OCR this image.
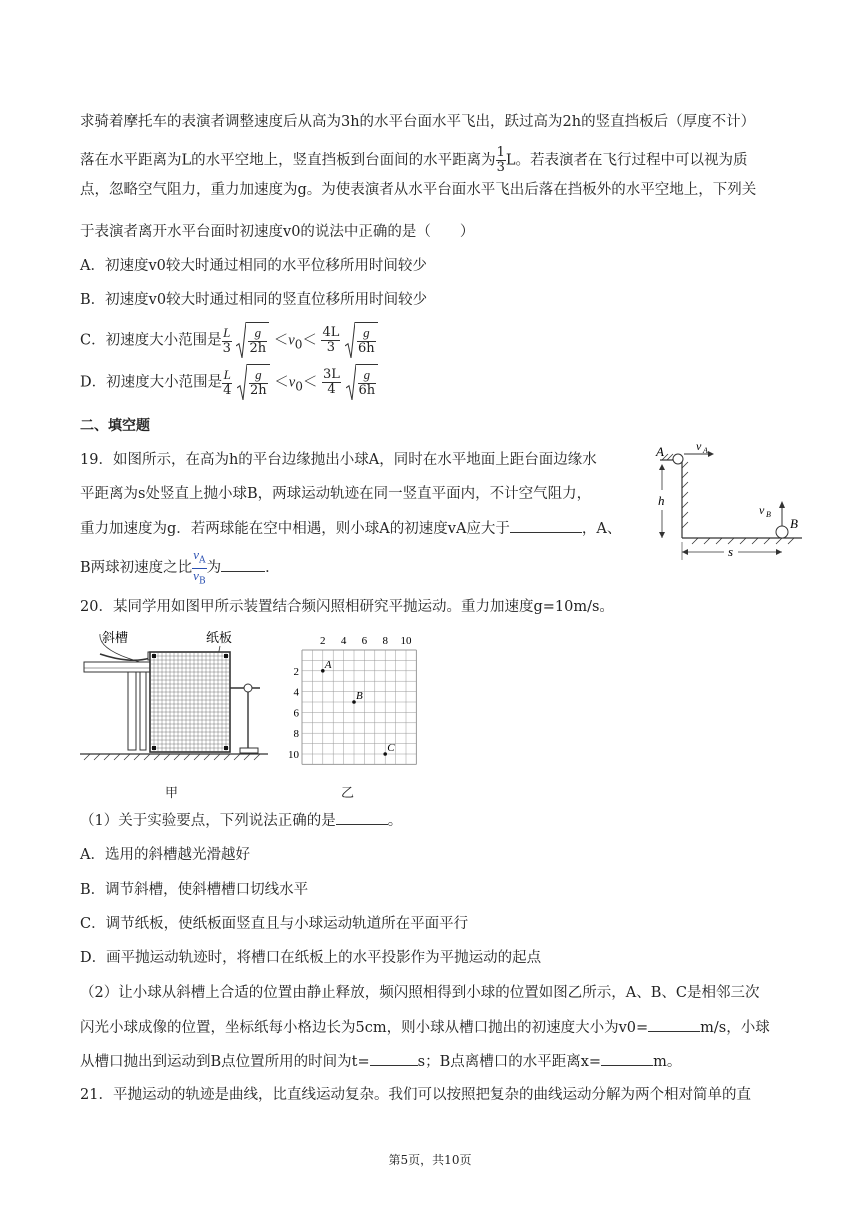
求骑着摩托车的表演者调整速度后从高为3h的水平台面水平飞出，跃过高为2h的竖直挡板后（厚度不计）
落在水平距离为L的水平空地上，竖直挡板到台面间的水平距离为 $\frac{1}{3}$ L。若表演者在飞行过程中可以视为质
点，忽略空气阻力，重力加速度为g。为使表演者从水平台面水平飞出后落在挡板外的水平空地上，下列关
于表演者离开水平台面时初速度v0的说法中正确的是（　　）
A．初速度v0较大时通过相同的水平位移所用时间较少
B．初速度v0较大时通过相同的竖直位移所用时间较少
C．初速度大小范围是 $\frac{L}{3}$
$\frac{g}{2h} <v_0< \frac{4L}{3}$
$\frac{g}{6h}$
D．初速度大小范围是 $\frac{L}{4}$
$\frac{g}{2h} <v_0< \frac{3L}{4}$
$\frac{g}{6h}$
二、填空题
19．如图所示，在高为h的平台边缘抛出小球A，同时在水平地面上距台面边缘水
平距离为s处竖直上抛小球B，两球运动轨迹在同一竖直平面内，不计空气阻力，
重力加速度为g．若两球能在空中相遇，则小球A的初速度vA应大于	，A、
B两球初速度之比 $\frac{v_A}{v_B}$ 为	．
A	v A
h
v B
B
s
20．某同学用如图甲所示装置结合频闪照相研究平抛运动。重力加速度g=10m/s。
斜槽	纸板
甲
2 4 6 8 10
2
4
6
8
10
A
B
C
乙
（1）关于实验要点，下列说法正确的是	。
A．选用的斜槽越光滑越好
B．调节斜槽，使斜槽槽口切线水平
C．调节纸板，使纸板面竖直且与小球运动轨道所在平面平行
D．画平抛运动轨迹时，将槽口在纸板上的水平投影作为平抛运动的起点
（2）让小球从斜槽上合适的位置由静止释放，频闪照相得到小球的位置如图乙所示，A、B、C是相邻三次
闪光小球成像的位置，坐标纸每小格边长为5cm，则小球从槽口抛出的初速度大小为v0=	m/s，小球
从槽口抛出到运动到B点位置所用的时间为t=	s；B点离槽口的水平距离x=	m。
21．平抛运动的轨迹是曲线，比直线运动复杂。我们可以按照把复杂的曲线运动分解为两个相对简单的直
第5页，共10页
